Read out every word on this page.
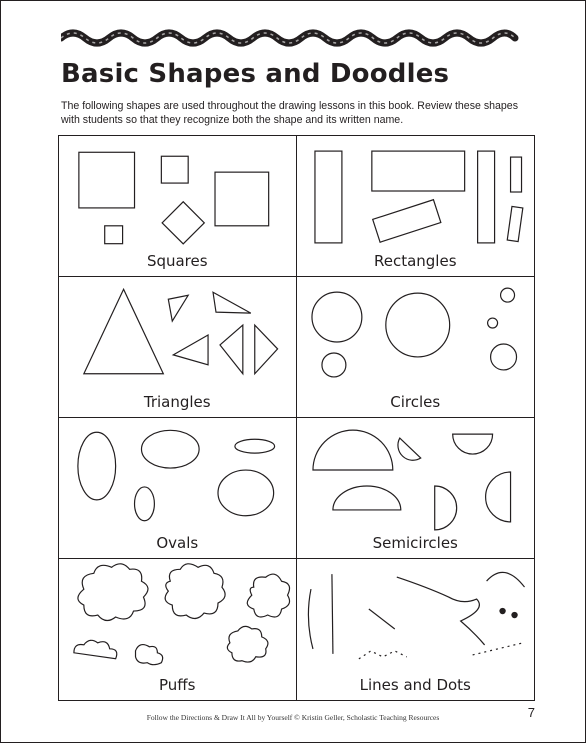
Basic Shapes and Doodles

The following shapes are used throughout the drawing lessons in this book. Review these shapes with students so that they recognize both the shape and its written name.

Squares	Rectangles
Triangles	Circles
Ovals	Semicircles
Puffs	Lines and Dots
Follow the Directions & Draw It All by Yourself © Kristin Geller, Scholastic Teaching Resources	7
